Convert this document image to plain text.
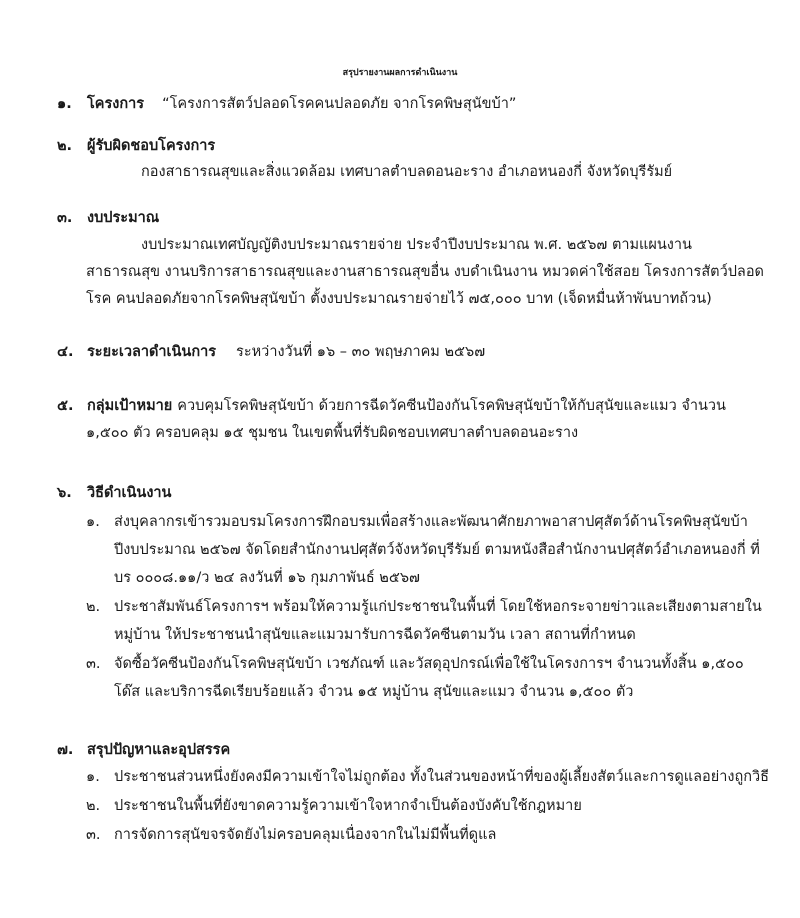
สรุปรายงานผลการดำเนินงาน
๑. โครงการ “โครงการสัตว์ปลอดโรคคนปลอดภัย จากโรคพิษสุนัขบ้า”
๒. ผู้รับผิดชอบโครงการ
กองสาธารณสุขและสิ่งแวดล้อม เทศบาลตำบลดอนอะราง อำเภอหนองกี่ จังหวัดบุรีรัมย์
๓. งบประมาณ
งบประมาณเทศบัญญัติงบประมาณรายจ่าย ประจำปีงบประมาณ พ.ศ. ๒๕๖๗ ตามแผนงาน
สาธารณสุข งานบริการสาธารณสุขและงานสาธารณสุขอื่น งบดำเนินงาน หมวดค่าใช้สอย โครงการสัตว์ปลอด
โรค คนปลอดภัยจากโรคพิษสุนัขบ้า ตั้งงบประมาณรายจ่ายไว้ ๗๕,๐๐๐ บาท (เจ็ดหมื่นห้าพันบาทถ้วน)
๔. ระยะเวลาดำเนินการ ระหว่างวันที่ ๑๖ – ๓๐ พฤษภาคม ๒๕๖๗
๕. กลุ่มเป้าหมาย ควบคุมโรคพิษสุนัขบ้า ด้วยการฉีดวัคซีนป้องกันโรคพิษสุนัขบ้าให้กับสุนัขและแมว จำนวน
๑,๕๐๐ ตัว ครอบคลุม ๑๕ ชุมชน ในเขตพื้นที่รับผิดชอบเทศบาลตำบลดอนอะราง
๖. วิธีดำเนินงาน
๑. ส่งบุคลากรเข้ารวมอบรมโครงการฝึกอบรมเพื่อสร้างและพัฒนาศักยภาพอาสาปศุสัตว์ด้านโรคพิษสุนัขบ้า
ปีงบประมาณ ๒๕๖๗ จัดโดยสำนักงานปศุสัตว์จังหวัดบุรีรัมย์ ตามหนังสือสำนักงานปศุสัตว์อำเภอหนองกี่ ที่
บร ๐๐๐๘.๑๑/ว ๒๔ ลงวันที่ ๑๖ กุมภาพันธ์ ๒๕๖๗
๒. ประชาสัมพันธ์โครงการฯ พร้อมให้ความรู้แก่ประชาชนในพื้นที่ โดยใช้หอกระจายข่าวและเสียงตามสายใน
หมู่บ้าน ให้ประชาชนนำสุนัขและแมวมารับการฉีดวัคซีนตามวัน เวลา สถานที่กำหนด
๓. จัดซื้อวัคซีนป้องกันโรคพิษสุนัขบ้า เวชภัณฑ์ และวัสดุอุปกรณ์เพื่อใช้ในโครงการฯ จำนวนทั้งสิ้น ๑,๕๐๐
โด๊ส และบริการฉีดเรียบร้อยแล้ว จำวน ๑๕ หมู่บ้าน สุนัขและแมว จำนวน ๑,๕๐๐ ตัว
๗. สรุปปัญหาและอุปสรรค
๑. ประชาชนส่วนหนึ่งยังคงมีความเข้าใจไม่ถูกต้อง ทั้งในส่วนของหน้าที่ของผู้เลี้ยงสัตว์และการดูแลอย่างถูกวิธี
๒. ประชาชนในพื้นที่ยังขาดความรู้ความเข้าใจหากจำเป็นต้องบังคับใช้กฎหมาย
๓. การจัดการสุนัขจรจัดยังไม่ครอบคลุมเนื่องจากในไม่มีพื้นที่ดูแล
